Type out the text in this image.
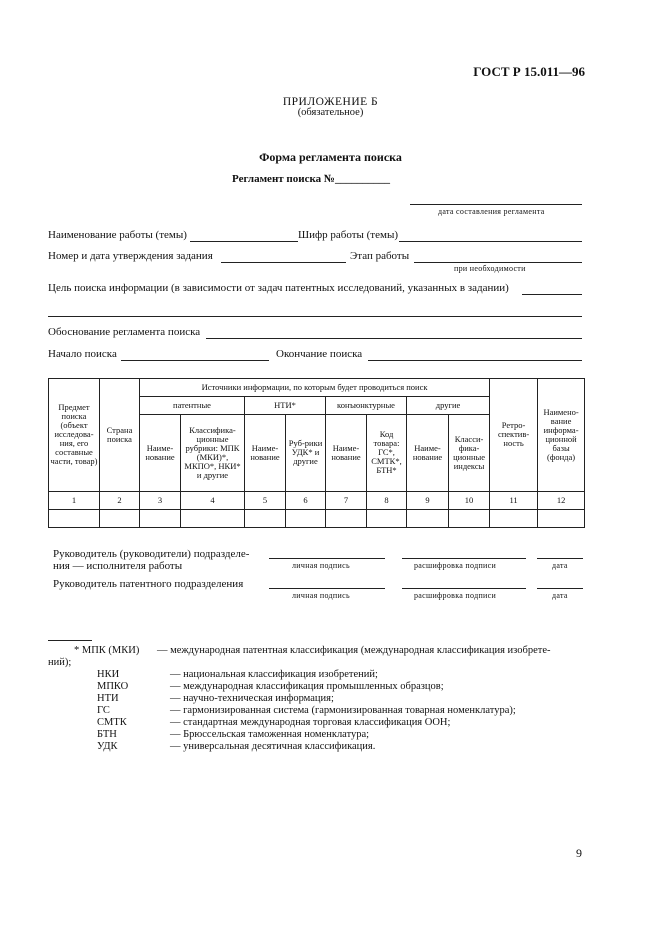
ГОСТ Р 15.011—96
ПРИЛОЖЕНИЕ Б
(обязательное)
Форма регламента поиска
Регламент поиска №__________
дата составления регламента
Наименование работы (темы)	Шифр работы (темы)
Номер и дата утверждения задания	Этап работы
при необходимости
Цель поиска информации (в зависимости от задач патентных исследований, указанных в задании)
Обоснование регламента поиска
Начало поиска	Окончание поиска
Предмет поиска (объект исследова-ния, его составные части, товар)	Страна поиска	Источники информации, по которым будет проводиться поиск								Ретро-спектив-ность	Наимено-вание информа-ционной базы (фонда)
		патентные		НТИ*		конъюнктурные		другие			
		Наиме-нование	Классифика-ционные рубрики: МПК (МКИ)*, МКПО*, НКИ* и другие	Наиме-нование	Руб-рики УДК* и другие	Наиме-нование	Код товара: ГС*, СМТК*, БТН*	Наиме-нование	Класси-фика-ционные индексы		
1	2	3	4	5	6	7	8	9	10	11	12

Руководитель (руководители) подразделе-ния — исполнителя работы	личная подпись	расшифровка подписи	дата
Руководитель патентного подразделения
личная подпись	расшифровка подписи	дата
* МПК (МКИ) — международная патентная классификация (международная классификация изобрете-
ний);
НКИ	— национальная классификация изобретений;
МПКО	— международная классификация промышленных образцов;
НТИ	— научно-техническая информация;
ГС	— гармонизированная система (гармонизированная товарная номенклатура);
СМТК	— стандартная международная торговая классификация ООН;
БТН	— Брюссельская таможенная номенклатура;
УДК	— универсальная десятичная классификация.
9
